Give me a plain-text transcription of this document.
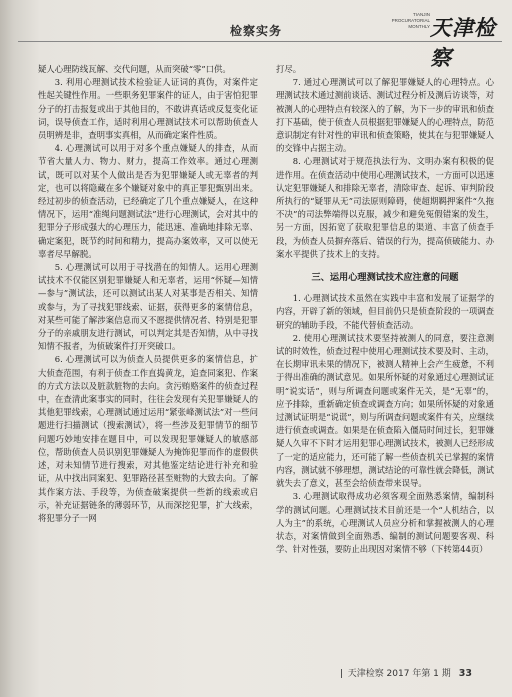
检察实务
TIANJIN
PROCURATORIAL
MONTHLY 天津检察

疑人心理防线瓦解、交代问题，从而突破“零”口供。

3. 利用心理测试技术检验证人证词的真伪，对案件定性起关键性作用。一些职务犯罪案件的证人，由于害怕犯罪分子的打击报复或出于其他目的，不敢讲真话或反复变化证词，误导侦查工作，适时利用心理测试技术可以帮助侦查人员明辨是非，查明事实真相，从而确定案件性质。

4. 心理测试可以用于对多个重点嫌疑人的排查，从而节省大量人力、物力、财力，提高工作效率。通过心理测试，既可以对某个人做出是否为犯罪嫌疑人或无辜者的判定，也可以将隐藏在多个嫌疑对象中的真正罪犯甄别出来。经过初步的侦查活动，已经确定了几个重点嫌疑人，在这种情况下，运用“准绳问题测试法”进行心理测试，会对其中的犯罪分子形成强大的心理压力，能迅速、准确地排除无辜、确定案犯，既节约时间和精力，提高办案效率，又可以使无辜者尽早解脱。

5. 心理测试可以用于寻找潜在的知情人。运用心理测试技术不仅能区别犯罪嫌疑人和无辜者，运用“怀疑—知情—参与”测试法，还可以测试出某人对某事是否相关、知情或参与，为了寻找犯罪线索、证据，获得更多的案情信息，对某些可能了解涉案信息而又不愿提供情况者、特别是犯罪分子的亲戚朋友进行测试，可以判定其是否知情，从中寻找知情不报者，为侦破案件打开突破口。

6. 心理测试可以为侦查人员提供更多的案情信息，扩大侦查范围，有利于侦查工作直捣黄龙，追查同案犯、作案的方式方法以及脏款脏物的去向。贪污贿赂案件的侦查过程中，在查清此案事实的同时，往往会发现有关犯罪嫌疑人的其他犯罪线索，心理测试通过运用“紧张峰测试法”对一些问题进行扫描测试（搜索测试），将一些涉及犯罪情节的细节问题巧妙地安排在题目中，可以发现犯罪嫌疑人的敏感部位，帮助侦查人员识别犯罪嫌疑人为掩饰犯罪而作的虚假供述，对未知情节进行搜索，对其他鉴定结论进行补充和验证，从中找出同案犯、犯罪路径甚至赃物的大致去向。了解其作案方法、手段等，为侦查破案提供一些新的线索或启示，补充证据链条的薄弱环节，从而深挖犯罪，扩大线索，将犯罪分子一网

打尽。

7. 通过心理测试可以了解犯罪嫌疑人的心理特点。心理测试技术通过测前谈话、测试过程分析及测后访谈等，对被测人的心理特点有较深入的了解，为下一步的审讯和侦查打下基础，使于侦查人员根据犯罪嫌疑人的心理特点，防范意识制定有针对性的审讯和侦查策略，使其在与犯罪嫌疑人的交锋中占据主动。

8. 心理测试对于规范执法行为、文明办案有积极的促进作用。在侦查活动中使用心理测试技术，一方面可以迅速认定犯罪嫌疑人和排除无辜者，清除审查、起诉、审判阶段所执行的“疑罪从无”司法原则障碍，使超期羁押案件“久拖不决”的司法弊端得以克服，减少和避免冤假错案的发生，另一方面，因拓宽了获取犯罪信息的渠道、丰富了侦查手段，为侦查人员摒弃落后、错误的行为，提高侦破能力、办案水平提供了技术上的支持。

三、运用心理测试技术应注意的问题

1. 心理测试技术虽然在实践中丰富和发展了证据学的内容，开辟了新的领域，但目前仍只是侦查阶段的一项调查研究的辅助手段，不能代替侦查活动。

2. 使用心理测试技术要坚持被测人的同意，要注意测试的时效性，侦查过程中使用心理测试技术要及时、主动，在长期审讯未果的情况下，被测人精神上会产生疲惫，不利于得出准确的测试意见。如果所怀疑的对象通过心理测试证明“说实话”，则与所调查问题或案件无关，是“无辜”的，应予排除，重新确定侦查或调查方向；如果所怀疑的对象通过测试证明是“说谎”，则与所调查问题或案件有关，应继续进行侦查或调查。如果是在侦查陷入僵局时间过长，犯罪嫌疑人久审不下时才运用犯罪心理测试技术，被测人已经形成了一定的适应能力，还可能了解一些侦查机关已掌握的案情内容，测试就不够理想，测试结论的可靠性就会降低，测试就失去了意义，甚至会给侦查带来误导。

3. 心理测试取得成功必须客观全面熟悉案情，编制科学的测试问题。心理测试技术目前还是一个“人机结合，以人为主”的系统，心理测试人员应分析和掌握被测人的心理状态，对案情做到全面熟悉、编制的测试问题要客观、科学、针对性强，要防止出现因对案情不够（下转第44页）

天津检察 2017 年第 1 期 33
